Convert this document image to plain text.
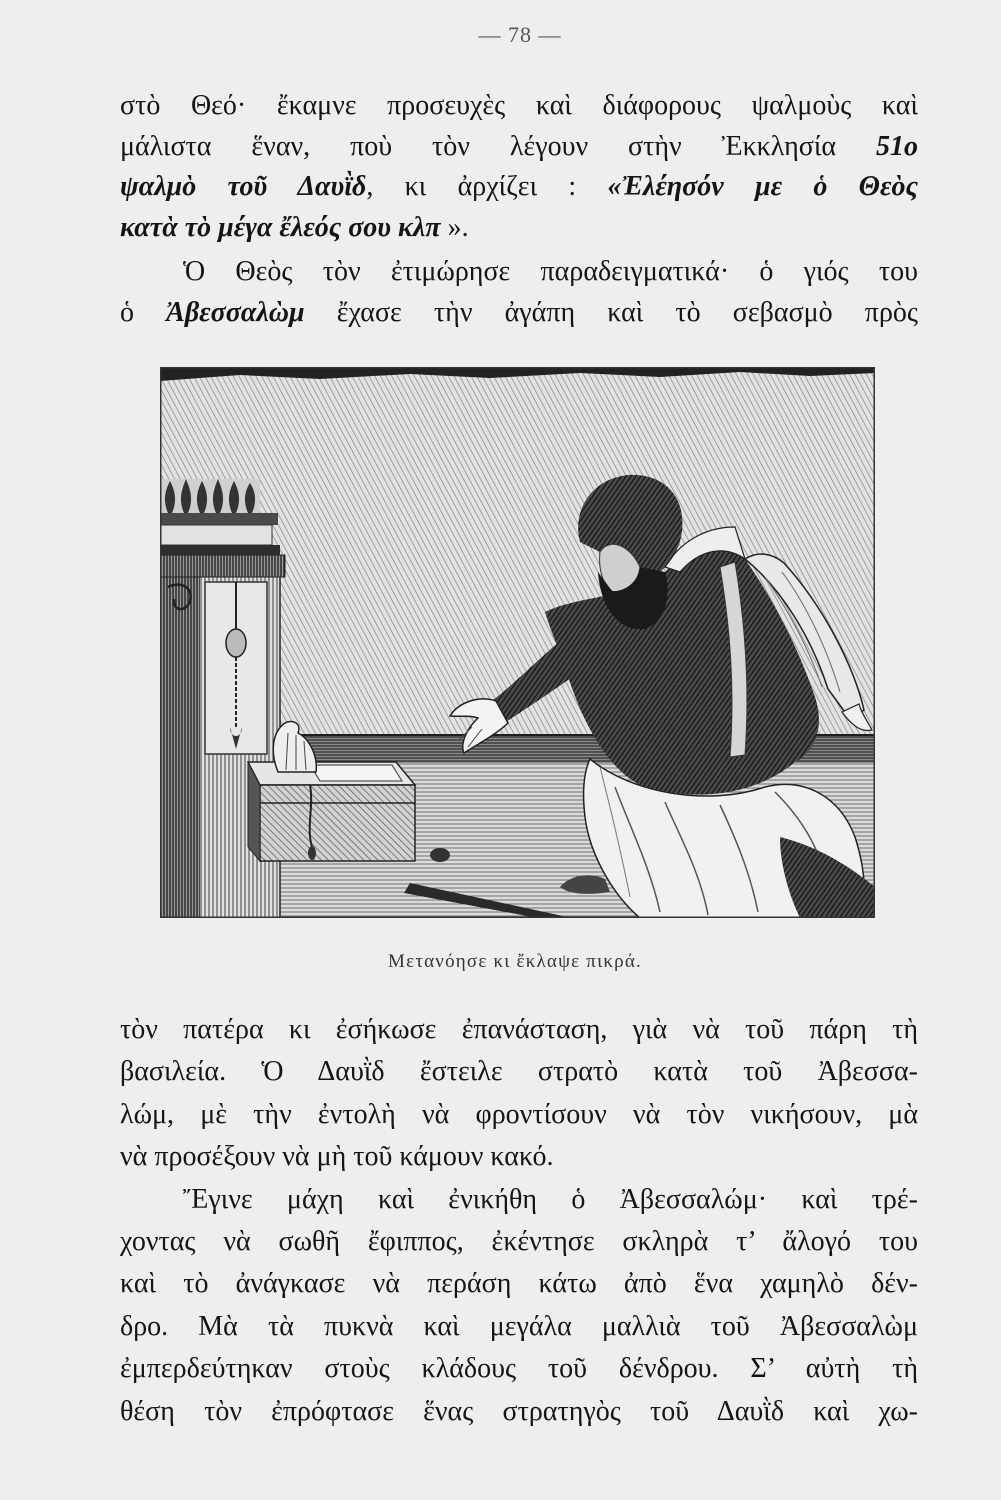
— 78 —
στὸ Θεό· ἔκαμνε προσευχὲς καὶ διάφορους ψαλμοὺς καὶ
μάλιστα ἕναν, ποὺ τὸν λέγουν στὴν Ἐκκλησία 51ο
ψαλμὸ τοῦ Δαυῒδ, κι ἀρχίζει : «Ἐλέησόν με ὁ Θεὸς
κατὰ τὸ μέγα ἔλεός σου κλπ ».
Ὁ Θεὸς τὸν ἐτιμώρησε παραδειγματικά· ὁ γιός του
ὁ Ἀβεσσαλὼμ ἔχασε τὴν ἀγάπη καὶ τὸ σεβασμὸ πρὸς
Μετανόησε κι ἔκλαψε πικρά.
τὸν πατέρα κι ἐσήκωσε ἐπανάσταση, γιὰ νὰ τοῦ πάρη τὴ
βασιλεία. Ὁ Δαυῒδ ἔστειλε στρατὸ κατὰ τοῦ Ἀβεσσα-
λώμ, μὲ τὴν ἐντολὴ νὰ φροντίσουν νὰ τὸν νικήσουν, μὰ
νὰ προσέξουν νὰ μὴ τοῦ κάμουν κακό.
Ἔγινε μάχη καὶ ἐνικήθη ὁ Ἀβεσσαλώμ· καὶ τρέ-
χοντας νὰ σωθῆ ἔφιππος, ἐκέντησε σκληρὰ τ’ ἄλογό του
καὶ τὸ ἀνάγκασε νὰ περάση κάτω ἀπὸ ἕνα χαμηλὸ δέν-
δρο. Μὰ τὰ πυκνὰ καὶ μεγάλα μαλλιὰ τοῦ Ἀβεσσαλὼμ
ἐμπερδεύτηκαν στοὺς κλάδους τοῦ δένδρου. Σ’ αὐτὴ τὴ
θέση τὸν ἐπρόφτασε ἕνας στρατηγὸς τοῦ Δαυῒδ καὶ χω-
